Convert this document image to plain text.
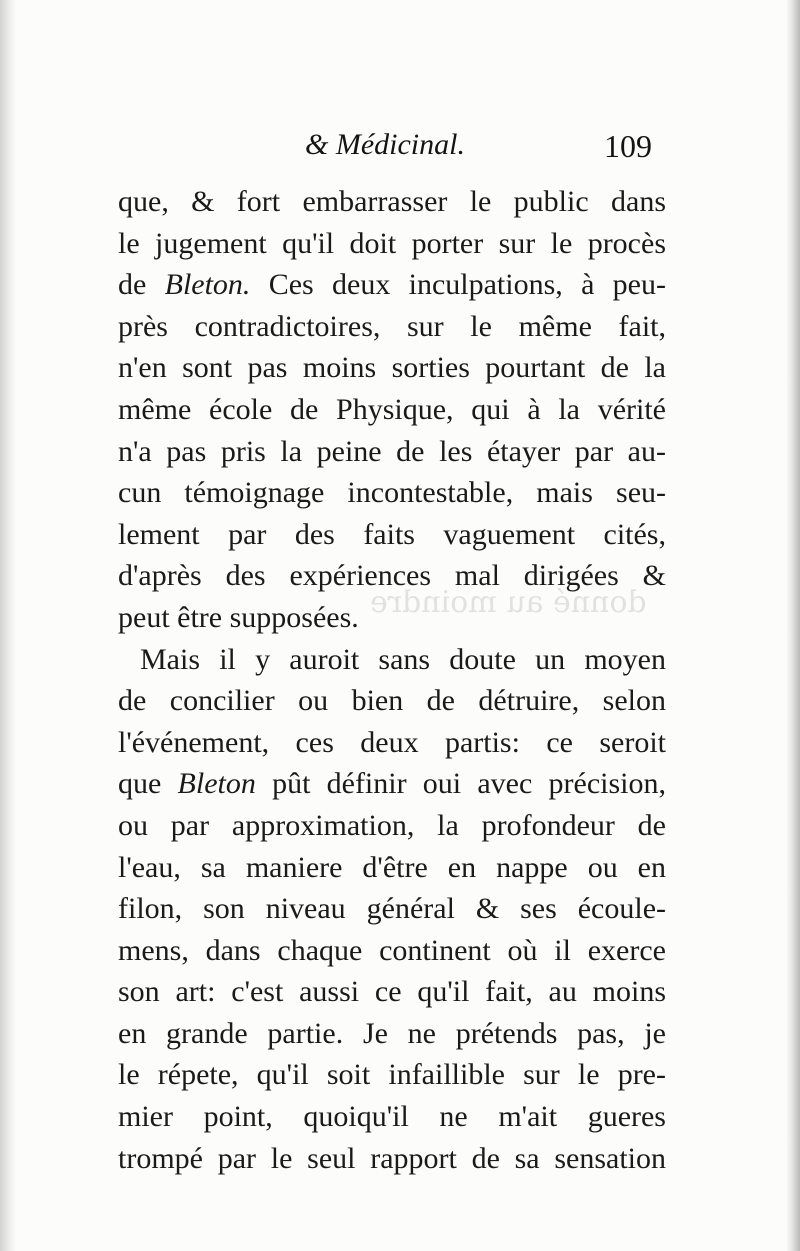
donné au moindre
& Médicinal.	109
que, & fort embarrasser le public dans
le jugement qu'il doit porter sur le procès
de Bleton. Ces deux inculpations, à peu-
près contradictoires, sur le même fait,
n'en sont pas moins sorties pourtant de la
même école de Physique, qui à la vérité
n'a pas pris la peine de les étayer par au-
cun témoignage incontestable, mais seu-
lement par des faits vaguement cités,
d'après des expériences mal dirigées &
peut être supposées.
Mais il y auroit sans doute un moyen
de concilier ou bien de détruire, selon
l'événement, ces deux partis: ce seroit
que Bleton pût définir oui avec précision,
ou par approximation, la profondeur de
l'eau, sa maniere d'être en nappe ou en
filon, son niveau général & ses écoule-
mens, dans chaque continent où il exerce
son art: c'est aussi ce qu'il fait, au moins
en grande partie. Je ne prétends pas, je
le répete, qu'il soit infaillible sur le pre-
mier point, quoiqu'il ne m'ait gueres
trompé par le seul rapport de sa sensation
